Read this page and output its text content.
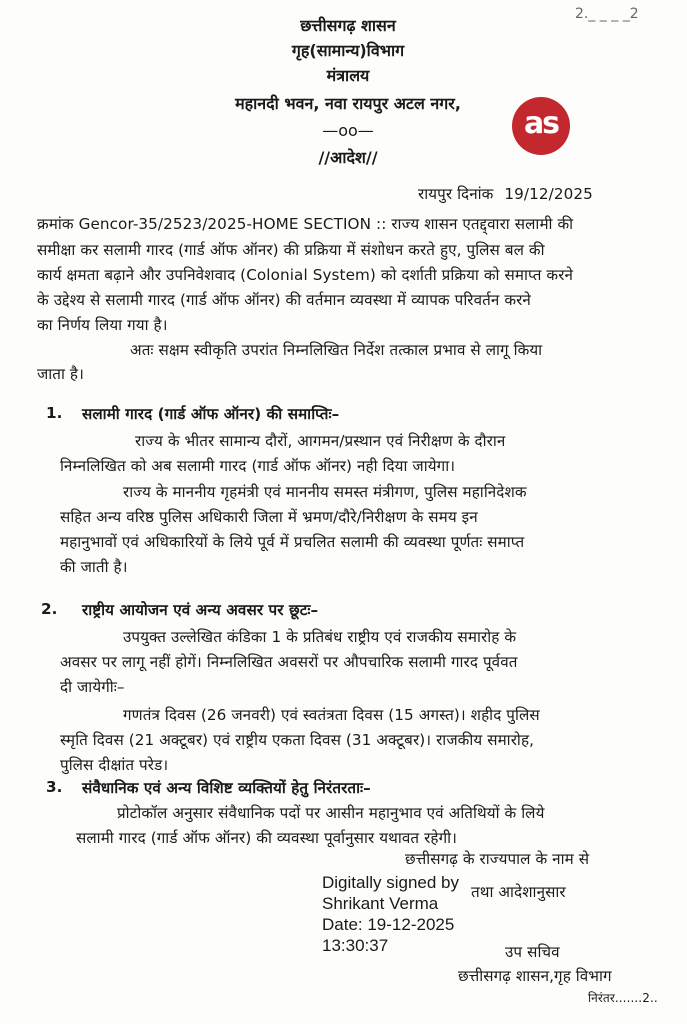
2.‌‌_ _ _ _2
as
छत्तीसगढ़ शासन
गृह(सामान्य)विभाग
मंत्रालय
महानदी भवन, नवा रायपुर अटल नगर,
—oo—
//आदेश//
रायपुर दिनांक 19/12/2025
क्रमांक Gencor-35/2523/2025-HOME SECTION :: राज्य शासन एतद्द्वारा सलामी की
समीक्षा कर सलामी गारद (गार्ड ऑफ ऑनर) की प्रक्रिया में संशोधन करते हुए, पुलिस बल की
कार्य क्षमता बढ़ाने और उपनिवेशवाद (Colonial System) को दर्शाती प्रक्रिया को समाप्त करने
के उद्देश्य से सलामी गारद (गार्ड ऑफ ऑनर) की वर्तमान व्यवस्था में व्यापक परिवर्तन करने
का निर्णय लिया गया है।
अतः सक्षम स्वीकृति उपरांत निम्नलिखित निर्देश तत्काल प्रभाव से लागू किया
जाता है।
1. सलामी गारद (गार्ड ऑफ ऑनर) की समाप्तिः–
राज्य के भीतर सामान्य दौरों, आगमन/प्रस्थान एवं निरीक्षण के दौरान
निम्नलिखित को अब सलामी गारद (गार्ड ऑफ ऑनर) नही दिया जायेगा।
राज्य के माननीय गृहमंत्री एवं माननीय समस्त मंत्रीगण, पुलिस महानिदेशक
सहित अन्य वरिष्ठ पुलिस अधिकारी जिला में भ्रमण/दौरे/निरीक्षण के समय इन
महानुभावों एवं अधिकारियों के लिये पूर्व में प्रचलित सलामी की व्यवस्था पूर्णतः समाप्त
की जाती है।
2. राष्ट्रीय आयोजन एवं अन्य अवसर पर छूटः–
उपयुक्त उल्लेखित कंडिका 1 के प्रतिबंध राष्ट्रीय एवं राजकीय समारोह के
अवसर पर लागू नहीं होगें। निम्नलिखित अवसरों पर औपचारिक सलामी गारद पूर्ववत
दी जायेगीः–
गणतंत्र दिवस (26 जनवरी) एवं स्वतंत्रता दिवस (15 अगस्त)। शहीद पुलिस
स्मृति दिवस (21 अक्टूबर) एवं राष्ट्रीय एकता दिवस (31 अक्टूबर)। राजकीय समारोह,
पुलिस दीक्षांत परेड।
3. संवैधानिक एवं अन्य विशिष्ट व्यक्तियों हेतु निरंतरताः–
प्रोटोकॉल अनुसार संवैधानिक पदों पर आसीन महानुभाव एवं अतिथियों के लिये
सलामी गारद (गार्ड ऑफ ऑनर) की व्यवस्था पूर्वानुसार यथावत रहेगी।
छत्तीसगढ़ के राज्यपाल के नाम से
Digitally signed by
Shrikant Verma
Date: 19-12-2025
13:30:37
तथा आदेशानुसार
उप सचिव
छत्तीसगढ़ शासन,गृह विभाग
निरंतर.......2..
